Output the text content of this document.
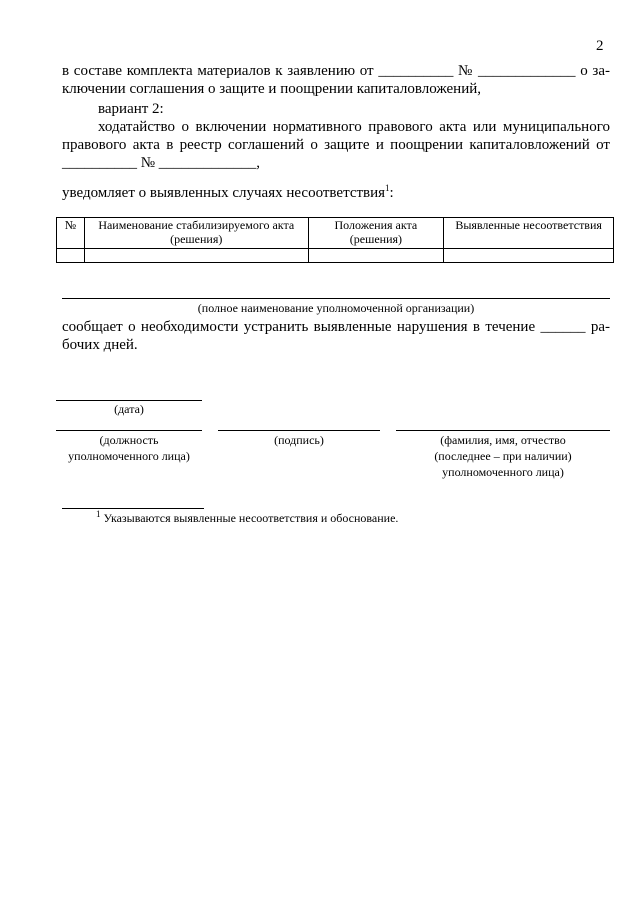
2
в составе комплекта материалов к заявлению от __________ № _____________ о за-
ключении соглашения о защите и поощрении капиталовложений,
вариант 2:
ходатайство о включении нормативного правового акта или муниципального
правового акта в реестр соглашений о защите и поощрении капиталовложений от
__________ № _____________,
уведомляет о выявленных случаях несоответствия$^1$:
№	Наименование стабилизируемого акта (решения)	Положения акта (решения)	Выявленные несоответствия

(полное наименование уполномоченной организации)
сообщает о необходимости устранить выявленные нарушения в течение ______ ра-
бочих дней.
(дата)
(должность
уполномоченного лица)
(подпись)	(фамилия, имя, отчество
(последнее – при наличии)
уполномоченного лица)
$^1$ Указываются выявленные несоответствия и обоснование.
